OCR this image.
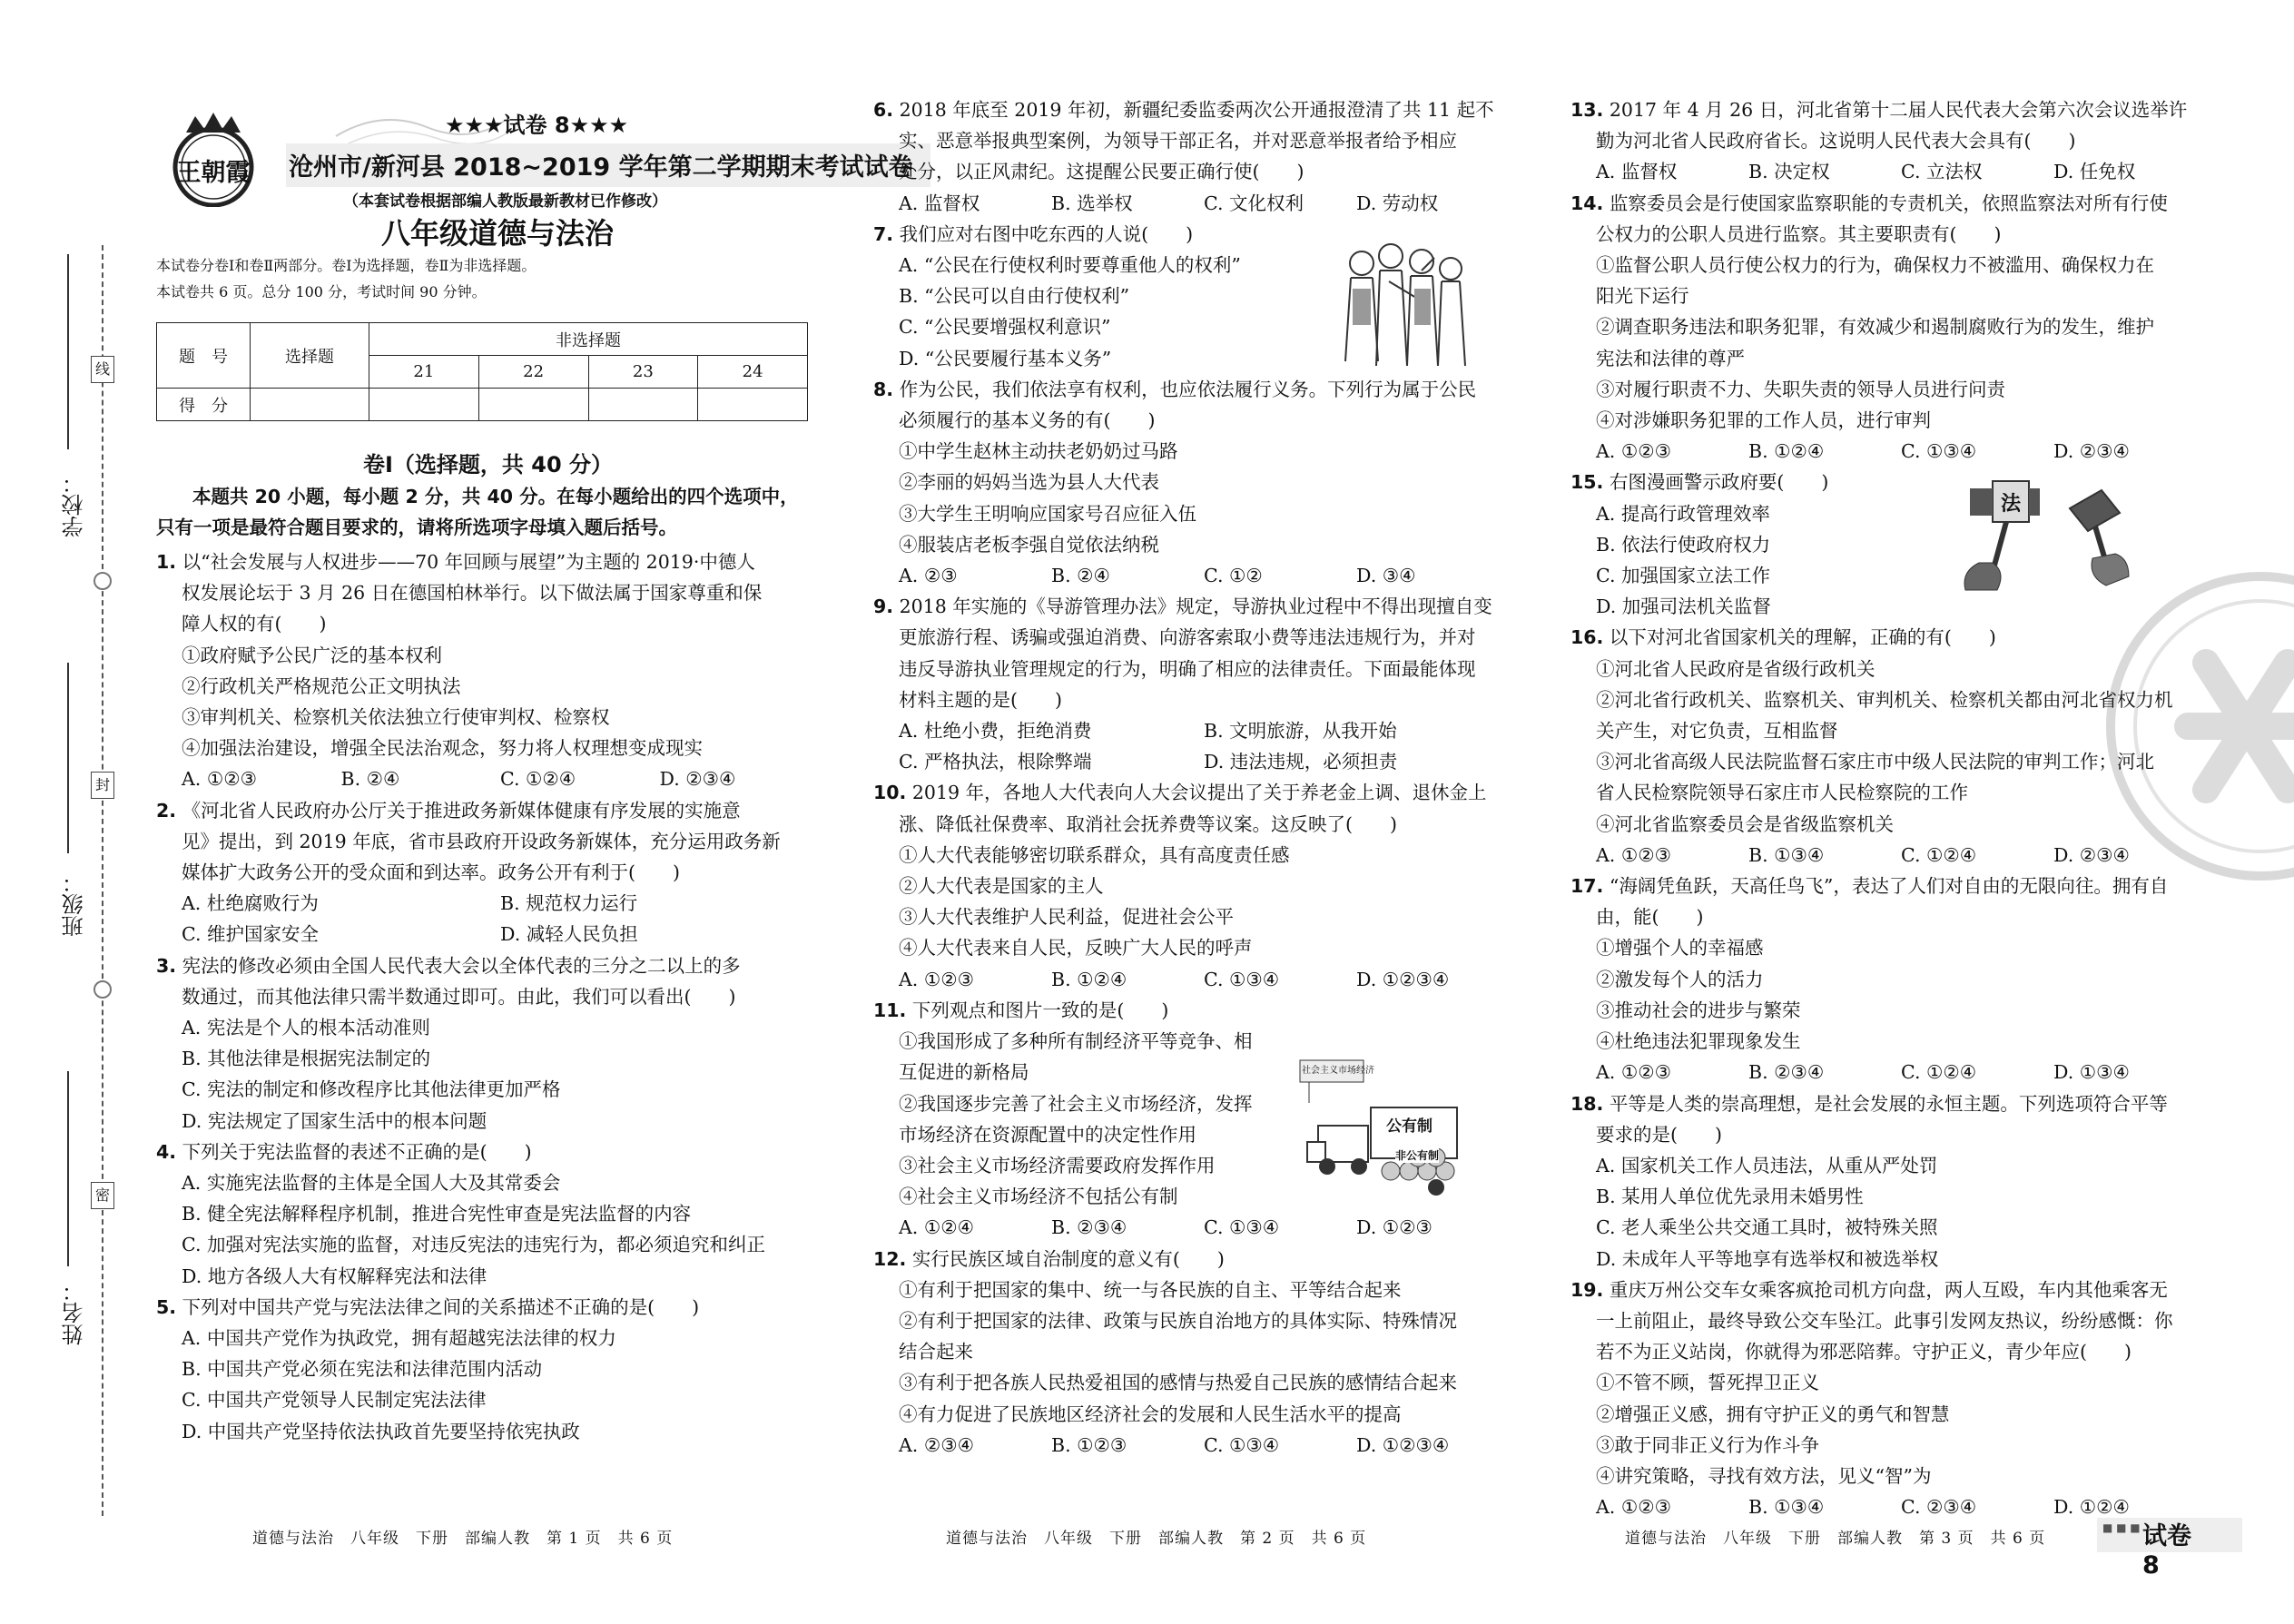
线
封
密
学校：
班级：
姓名：
王朝霞
★★★试卷 8★★★
沧州市/新河县 2018~2019 学年第二学期期末考试试卷
（本套试卷根据部编人教版最新教材已作修改）
八年级道德与法治
本试卷分卷Ⅰ和卷Ⅱ两部分。卷Ⅰ为选择题，卷Ⅱ为非选择题。
本试卷共 6 页。总分 100 分，考试时间 90 分钟。
题　号	选择题	非选择题			
		21	22	23	24
得　分					
卷Ⅰ（选择题，共 40 分）
本题共 20 小题，每小题 2 分，共 40 分。在每小题给出的四个选项中，只有一项是最符合题目要求的，请将所选项字母填入题后括号。
1. 以“社会发展与人权进步——70 年回顾与展望”为主题的 2019·中德人
权发展论坛于 3 月 26 日在德国柏林举行。以下做法属于国家尊重和保
障人权的有(　　)
①政府赋予公民广泛的基本权利
②行政机关严格规范公正文明执法
③审判机关、检察机关依法独立行使审判权、检察权
④加强法治建设，增强全民法治观念，努力将人权理想变成现实
A. ①②③	B. ②④	C. ①②④	D. ②③④
2. 《河北省人民政府办公厅关于推进政务新媒体健康有序发展的实施意
见》提出，到 2019 年底，省市县政府开设政务新媒体，充分运用政务新
媒体扩大政务公开的受众面和到达率。政务公开有利于(　　)
A. 杜绝腐败行为	B. 规范权力运行
C. 维护国家安全	D. 减轻人民负担
3. 宪法的修改必须由全国人民代表大会以全体代表的三分之二以上的多
数通过，而其他法律只需半数通过即可。由此，我们可以看出(　　)
A. 宪法是个人的根本活动准则
B. 其他法律是根据宪法制定的
C. 宪法的制定和修改程序比其他法律更加严格
D. 宪法规定了国家生活中的根本问题
4. 下列关于宪法监督的表述不正确的是(　　)
A. 实施宪法监督的主体是全国人大及其常委会
B. 健全宪法解释程序机制，推进合宪性审查是宪法监督的内容
C. 加强对宪法实施的监督，对违反宪法的违宪行为，都必须追究和纠正
D. 地方各级人大有权解释宪法和法律
5. 下列对中国共产党与宪法法律之间的关系描述不正确的是(　　)
A. 中国共产党作为执政党，拥有超越宪法法律的权力
B. 中国共产党必须在宪法和法律范围内活动
C. 中国共产党领导人民制定宪法法律
D. 中国共产党坚持依法执政首先要坚持依宪执政
道德与法治　八年级　下册　部编人教　第 1 页　共 6 页
社会主义市场经济
公有制
非公有制
6. 2018 年底至 2019 年初，新疆纪委监委两次公开通报澄清了共 11 起不
实、恶意举报典型案例，为领导干部正名，并对恶意举报者给予相应
处分，以正风肃纪。这提醒公民要正确行使(　　)
A. 监督权	B. 选举权	C. 文化权利	D. 劳动权
7. 我们应对右图中吃东西的人说(　　)
A. “公民在行使权利时要尊重他人的权利”
B. “公民可以自由行使权利”
C. “公民要增强权利意识”
D. “公民要履行基本义务”
8. 作为公民，我们依法享有权利，也应依法履行义务。下列行为属于公民
必须履行的基本义务的有(　　)
①中学生赵林主动扶老奶奶过马路
②李丽的妈妈当选为县人大代表
③大学生王明响应国家号召应征入伍
④服装店老板李强自觉依法纳税
A. ②③	B. ②④	C. ①②	D. ③④
9. 2018 年实施的《导游管理办法》规定，导游执业过程中不得出现擅自变
更旅游行程、诱骗或强迫消费、向游客索取小费等违法违规行为，并对
违反导游执业管理规定的行为，明确了相应的法律责任。下面最能体现
材料主题的是(　　)
A. 杜绝小费，拒绝消费	B. 文明旅游，从我开始
C. 严格执法，根除弊端	D. 违法违规，必须担责
10. 2019 年，各地人大代表向人大会议提出了关于养老金上调、退休金上
涨、降低社保费率、取消社会抚养费等议案。这反映了(　　)
①人大代表能够密切联系群众，具有高度责任感
②人大代表是国家的主人
③人大代表维护人民利益，促进社会公平
④人大代表来自人民，反映广大人民的呼声
A. ①②③	B. ①②④	C. ①③④	D. ①②③④
11. 下列观点和图片一致的是(　　)
①我国形成了多种所有制经济平等竞争、相
互促进的新格局
②我国逐步完善了社会主义市场经济，发挥
市场经济在资源配置中的决定性作用
③社会主义市场经济需要政府发挥作用
④社会主义市场经济不包括公有制
A. ①②④	B. ②③④	C. ①③④	D. ①②③
12. 实行民族区域自治制度的意义有(　　)
①有利于把国家的集中、统一与各民族的自主、平等结合起来
②有利于把国家的法律、政策与民族自治地方的具体实际、特殊情况
结合起来
③有利于把各族人民热爱祖国的感情与热爱自己民族的感情结合起来
④有力促进了民族地区经济社会的发展和人民生活水平的提高
A. ②③④	B. ①②③	C. ①③④	D. ①②③④
道德与法治　八年级　下册　部编人教　第 2 页　共 6 页
法
13. 2017 年 4 月 26 日，河北省第十二届人民代表大会第六次会议选举许
勤为河北省人民政府省长。这说明人民代表大会具有(　　)
A. 监督权	B. 决定权	C. 立法权	D. 任免权
14. 监察委员会是行使国家监察职能的专责机关，依照监察法对所有行使
公权力的公职人员进行监察。其主要职责有(　　)
①监督公职人员行使公权力的行为，确保权力不被滥用、确保权力在
阳光下运行
②调查职务违法和职务犯罪，有效减少和遏制腐败行为的发生，维护
宪法和法律的尊严
③对履行职责不力、失职失责的领导人员进行问责
④对涉嫌职务犯罪的工作人员，进行审判
A. ①②③	B. ①②④	C. ①③④	D. ②③④
15. 右图漫画警示政府要(　　)
A. 提高行政管理效率
B. 依法行使政府权力
C. 加强国家立法工作
D. 加强司法机关监督
16. 以下对河北省国家机关的理解，正确的有(　　)
①河北省人民政府是省级行政机关
②河北省行政机关、监察机关、审判机关、检察机关都由河北省权力机
关产生，对它负责，互相监督
③河北省高级人民法院监督石家庄市中级人民法院的审判工作；河北
省人民检察院领导石家庄市人民检察院的工作
④河北省监察委员会是省级监察机关
A. ①②③	B. ①③④	C. ①②④	D. ②③④
17. “海阔凭鱼跃，天高任鸟飞”，表达了人们对自由的无限向往。拥有自
由，能(　　)
①增强个人的幸福感
②激发每个人的活力
③推动社会的进步与繁荣
④杜绝违法犯罪现象发生
A. ①②③	B. ②③④	C. ①②④	D. ①③④
18. 平等是人类的崇高理想，是社会发展的永恒主题。下列选项符合平等
要求的是(　　)
A. 国家机关工作人员违法，从重从严处罚
B. 某用人单位优先录用未婚男性
C. 老人乘坐公共交通工具时，被特殊关照
D. 未成年人平等地享有选举权和被选举权
19. 重庆万州公交车女乘客疯抢司机方向盘，两人互殴，车内其他乘客无
一上前阻止，最终导致公交车坠江。此事引发网友热议，纷纷感慨：你
若不为正义站岗，你就得为邪恶陪葬。守护正义，青少年应(　　)
①不管不顾，誓死捍卫正义
②增强正义感，拥有守护正义的勇气和智慧
③敢于同非正义行为作斗争
④讲究策略，寻找有效方法，见义“智”为
A. ①②③	B. ①③④	C. ②③④	D. ①②④
道德与法治　八年级　下册　部编人教　第 3 页　共 6 页
■ ■ ■ 试卷 8
